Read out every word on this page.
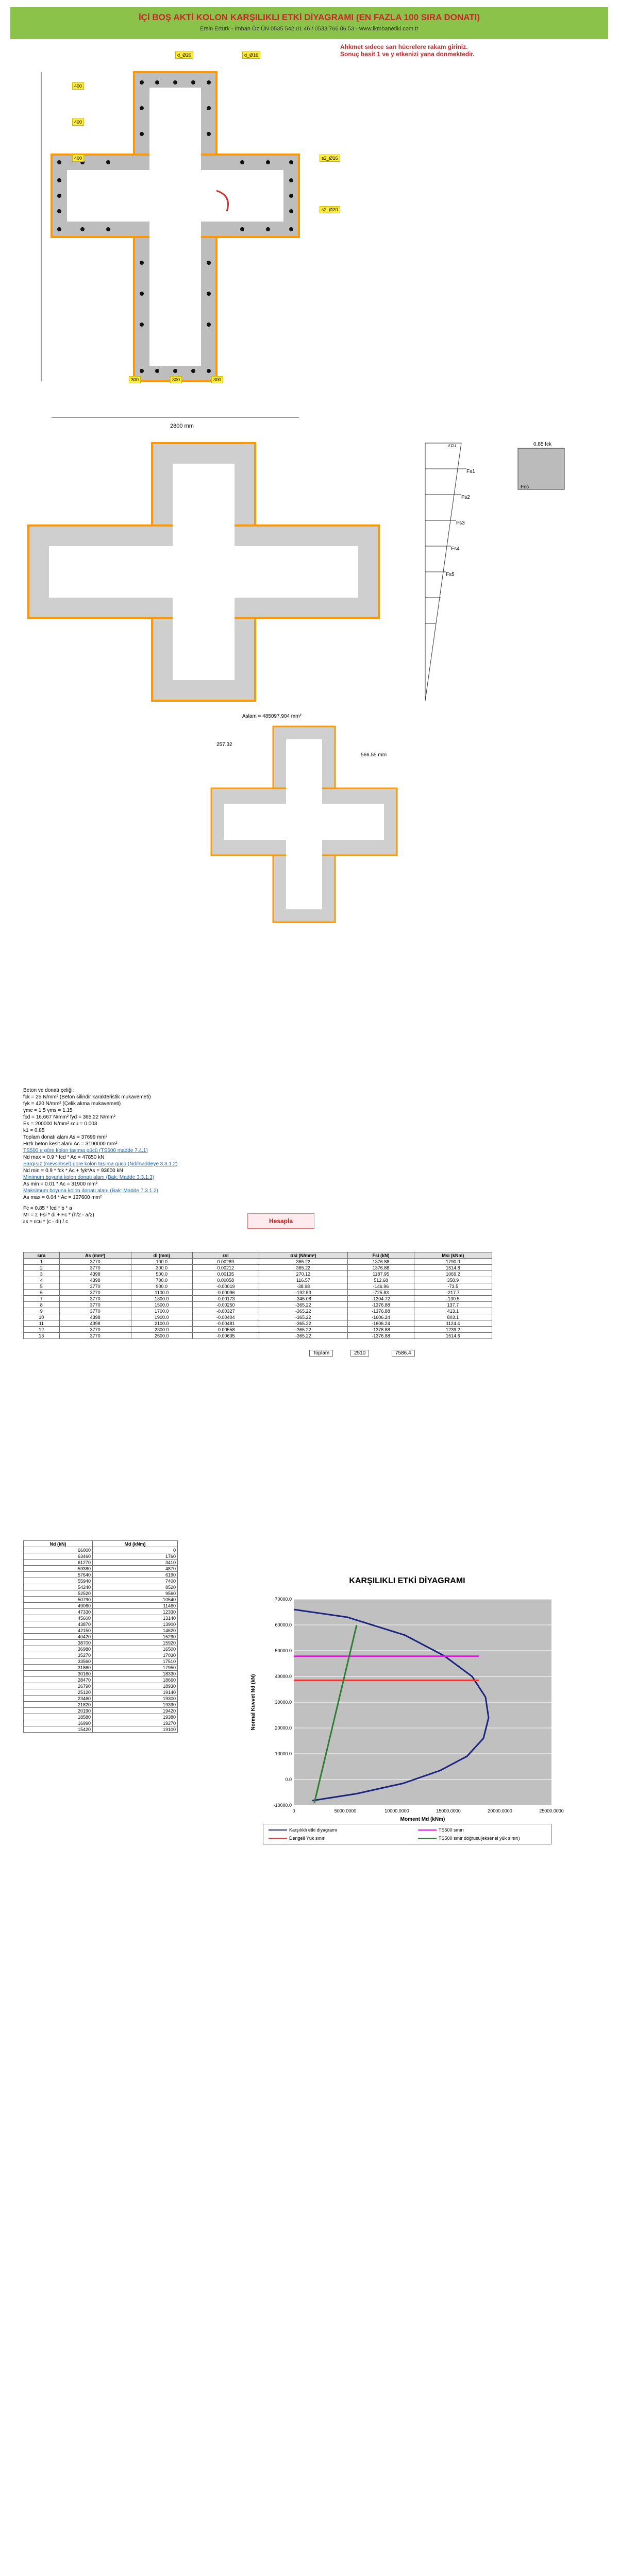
İÇİ BOŞ AKTİ KOLON KARŞILIKLI ETKİ DİYAGRAMI (EN FAZLA 100 SIRA DONATI)
Ersin Ertürk - İmhan Öz ÜN 0535 542 01 46 / 0533 766 06 53 - www.ikmbanetiki.com.tr
Ahkmet sıdece sarı hücrelere rakam giriniz.
Sonuç basit 1 ve y etkenizi yana donmektedir.
2800 mm
400
400
400
d_Ø20	d_Ø16
s2_Ø16
s2_Ø20
300	300	300
0.85 fck
εcu
Fs1
Fs2
Fs3
Fs4
Fs5
Fcc
Aslam = 485097.904 mm²
257.32
566.55 mm
Beton ve donatı çeliği:
fck = 25 N/mm² (Beton silindir karakteristik mukavemeti)
fyk = 420 N/mm² (Çelik akma mukavemeti)
γmc = 1.5 γms = 1.15
fcd = 16.667 N/mm² fyd = 365.22 N/mm²
Es = 200000 N/mm² εcu = 0.003
k1 = 0.85
Toplam donatı alanı As = 37699 mm²
Hızlı beton kesit alanı Ac = 3190000 mm²
TS500 e göre kolon taşıma gücü (TS500 madde 7.4.1)
Nd max = 0.9 * fcd * Ac = 47850 kN
Sargısız (mevsimsel) göre kolon taşıma gücü (Nd/maddeye 3.3.1.2)
Nd min = 0.9 * fck * Ac + fyk*As = 93600 kN
Minimum boyuna kolon donatı alanı (Bak: Madde 3.3.1.3)
As min = 0.01 * Ac = 31900 mm²
Maksimum boyuna kolon donatı alanı (Bak: Madde 7.3.1.2)
As max = 0.04 * Ac = 127600 mm²
Fc = 0.85 * fcd * b * a
Mr = Σ Fsi * di + Fc * (h/2 - a/2)
εs = εcu * (c - di) / c	Hesapla
sıra	As (mm²)	di (mm)	εsi	σsi (N/mm²)	Fsi (kN)	Msi (kNm)
1	3770	100.0	0.00289	365.22	1376.88	1790.0
2	3770	300.0	0.00212	365.22	1376.88	1514.8
3	4398	500.0	0.00135	270.12	1187.95	1069.2
4	4398	700.0	0.00058	116.57	512.68	358.9
5	3770	900.0	-0.00019	-38.98	-146.96	-73.5
6	3770	1100.0	-0.00096	-192.53	-725.83	-217.7
7	3770	1300.0	-0.00173	-346.08	-1304.72	-130.5
8	3770	1500.0	-0.00250	-365.22	-1376.88	137.7
9	3770	1700.0	-0.00327	-365.22	-1376.88	413.1
10	4398	1900.0	-0.00404	-365.22	-1606.24	803.1
11	4398	2100.0	-0.00481	-365.22	-1606.24	1124.4
12	3770	2300.0	-0.00558	-365.22	-1376.88	1239.2
13	3770	2500.0	-0.00635	-365.22	-1376.88	1514.6
Toplam	2510	7586.4
KARŞILIKLI ETKİ DİYAGRAMI
-10000.0
0.0
10000.0
20000.0
30000.0
40000.0
50000.0
60000.0
70000.0
0	5000.0000	10000.0000	15000.0000	20000.0000	25000.0000
Moment Md (kNm)
Normal Kuvvet Nd (kN)
Karşılıklı etki diyagramı	TS500 sınırı
Dengeli Yük sınırı	TS500 sınır doğrusu(eksenel yük sınırı)
Nd (kN)	Md (kNm)
66000	0
63460	1760
61270	3410
59380	4870
57640	6190
55940	7400
54240	8520
52520	9560
50790	10540
49060	11460
47330	12330
45600	13140
43870	13900
42150	14620
40420	15290
38700	15920
36980	16500
35270	17030
33560	17510
31860	17950
30160	18330
28470	18660
26790	18930
25120	19140
23460	19300
21820	19390
20190	19420
18580	19380
16990	19270
15420	19100
